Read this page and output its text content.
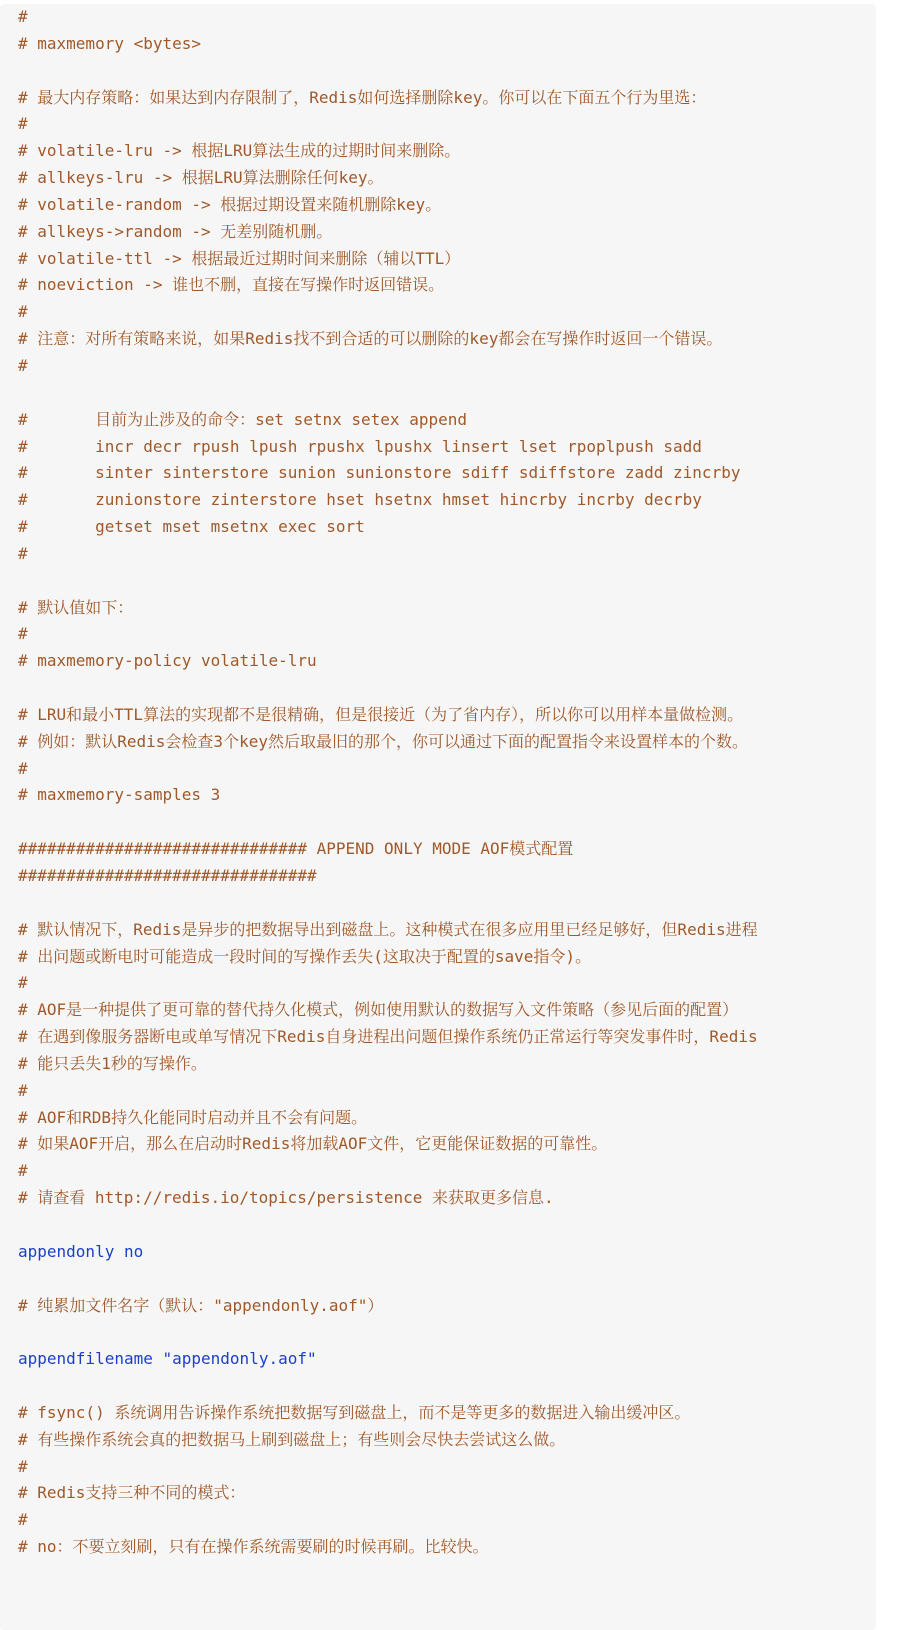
#
# maxmemory <bytes>
# 最大内存策略：如果达到内存限制了，Redis如何选择删除key。你可以在下面五个行为里选：
#
# volatile-lru -> 根据LRU算法生成的过期时间来删除。
# allkeys-lru -> 根据LRU算法删除任何key。
# volatile-random -> 根据过期设置来随机删除key。
# allkeys->random -> 无差别随机删。
# volatile-ttl -> 根据最近过期时间来删除（辅以TTL）
# noeviction -> 谁也不删，直接在写操作时返回错误。
#
# 注意：对所有策略来说，如果Redis找不到合适的可以删除的key都会在写操作时返回一个错误。
#
#       目前为止涉及的命令：set setnx setex append
#       incr decr rpush lpush rpushx lpushx linsert lset rpoplpush sadd
#       sinter sinterstore sunion sunionstore sdiff sdiffstore zadd zincrby
#       zunionstore zinterstore hset hsetnx hmset hincrby incrby decrby
#       getset mset msetnx exec sort
#
# 默认值如下：
#
# maxmemory-policy volatile-lru
# LRU和最小TTL算法的实现都不是很精确，但是很接近（为了省内存），所以你可以用样本量做检测。
# 例如：默认Redis会检查3个key然后取最旧的那个，你可以通过下面的配置指令来设置样本的个数。
#
# maxmemory-samples 3
############################## APPEND ONLY MODE AOF模式配置
###############################
# 默认情况下，Redis是异步的把数据导出到磁盘上。这种模式在很多应用里已经足够好，但Redis进程
# 出问题或断电时可能造成一段时间的写操作丢失(这取决于配置的save指令)。
#
# AOF是一种提供了更可靠的替代持久化模式，例如使用默认的数据写入文件策略（参见后面的配置）
# 在遇到像服务器断电或单写情况下Redis自身进程出问题但操作系统仍正常运行等突发事件时，Redis
# 能只丢失1秒的写操作。
#
# AOF和RDB持久化能同时启动并且不会有问题。
# 如果AOF开启，那么在启动时Redis将加载AOF文件，它更能保证数据的可靠性。
#
# 请查看 http://redis.io/topics/persistence 来获取更多信息.
appendonly no
# 纯累加文件名字（默认："appendonly.aof"）
appendfilename "appendonly.aof"
# fsync() 系统调用告诉操作系统把数据写到磁盘上，而不是等更多的数据进入输出缓冲区。
# 有些操作系统会真的把数据马上刷到磁盘上；有些则会尽快去尝试这么做。
#
# Redis支持三种不同的模式：
#
# no：不要立刻刷，只有在操作系统需要刷的时候再刷。比较快。
